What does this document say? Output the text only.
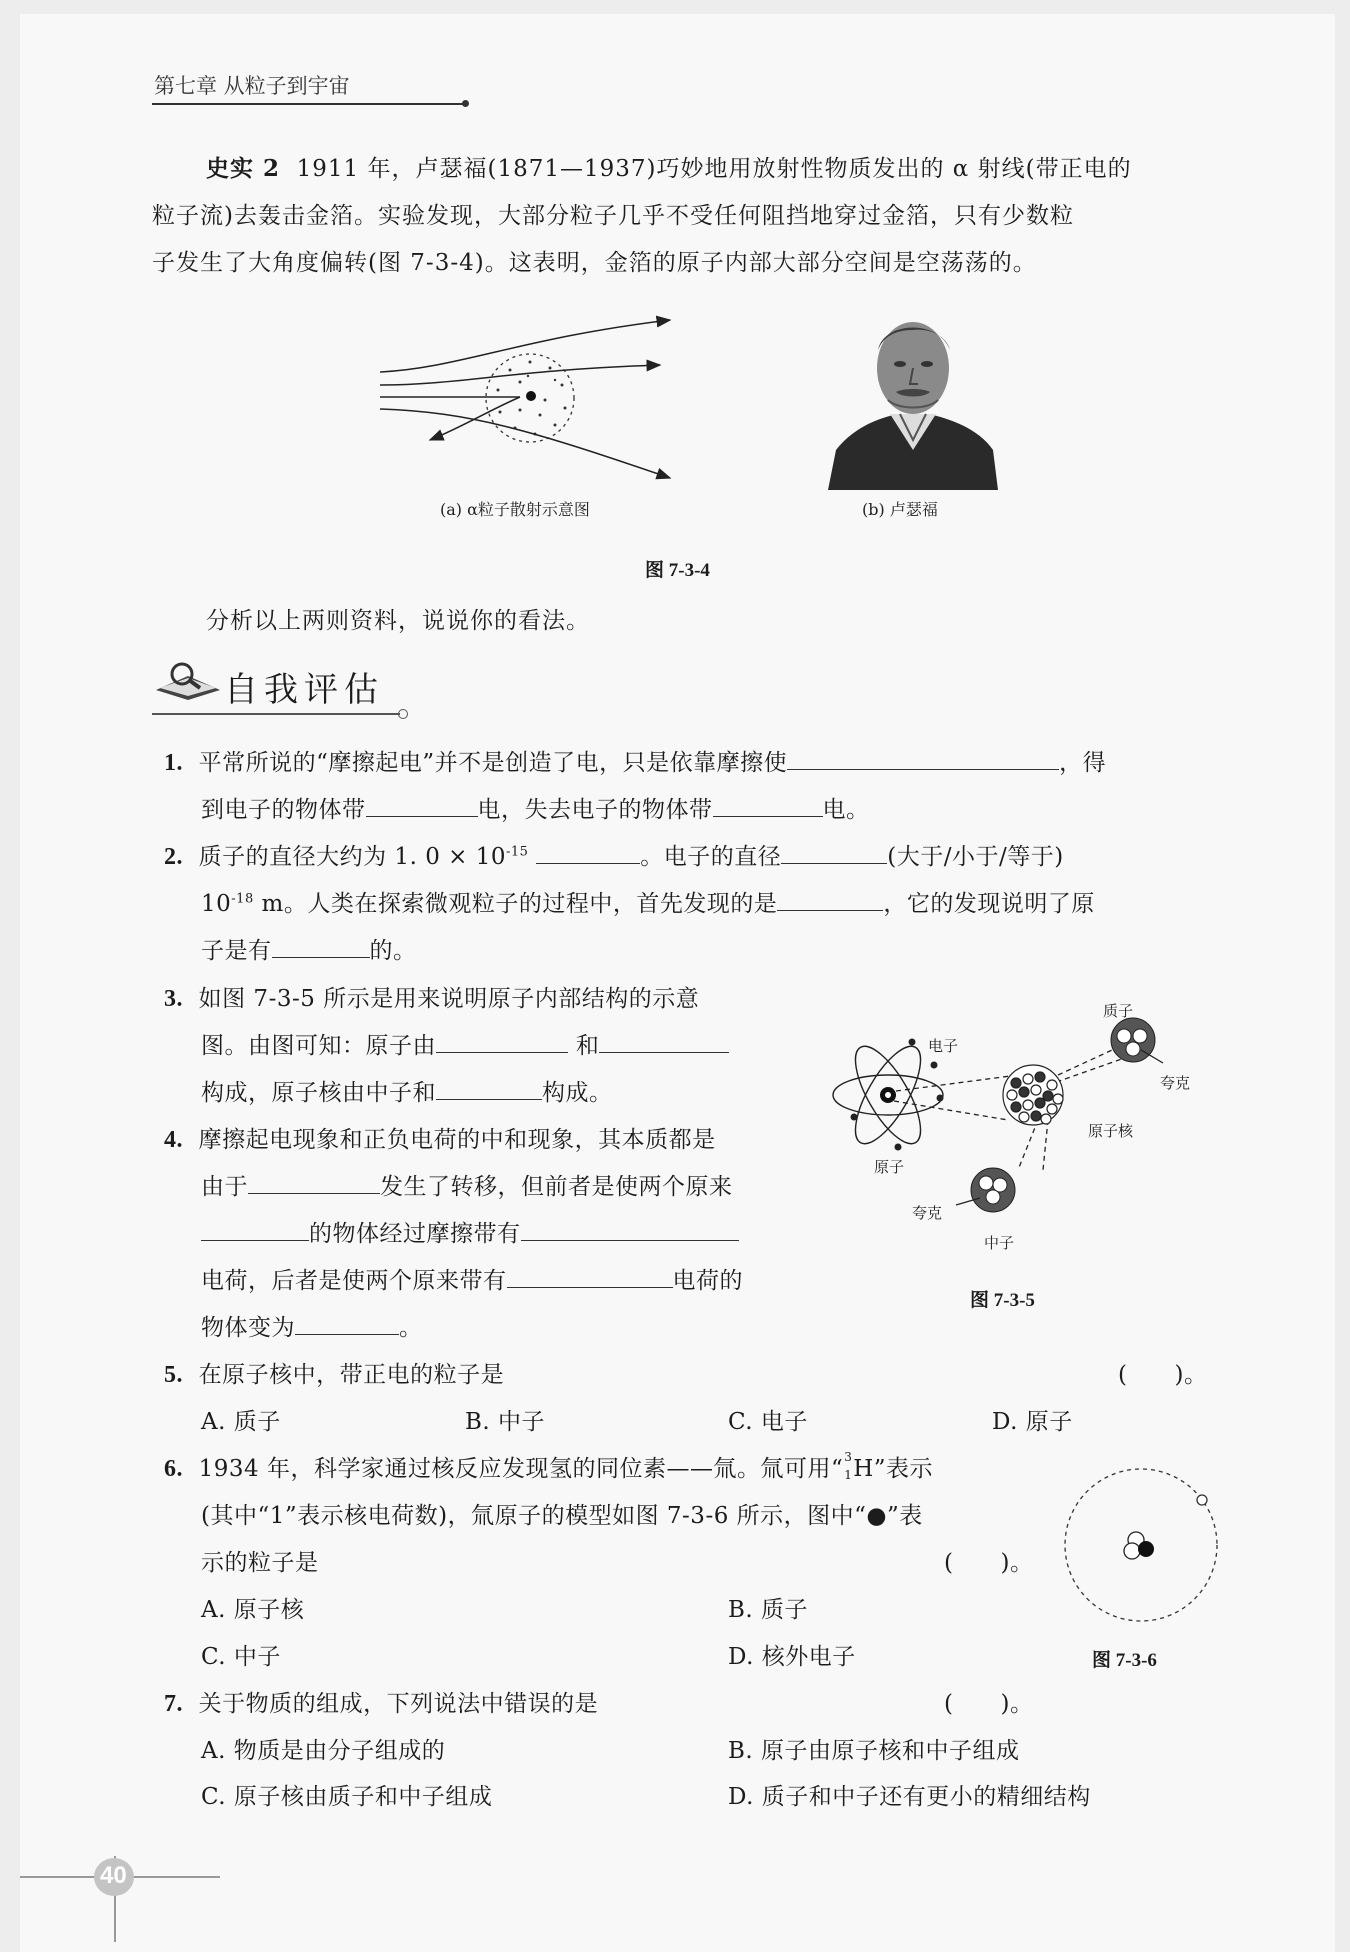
第七章 从粒子到宇宙
史实 2 1911 年，卢瑟福(1871—1937)巧妙地用放射性物质发出的 α 射线(带正电的
粒子流)去轰击金箔。实验发现，大部分粒子几乎不受任何阻挡地穿过金箔，只有少数粒
子发生了大角度偏转(图 7-3-4)。这表明，金箔的原子内部大部分空间是空荡荡的。
(a) α粒子散射示意图	(b) 卢瑟福
图 7-3-4
分析以上两则资料，说说你的看法。
自我评估
1. 平常所说的“摩擦起电”并不是创造了电，只是依靠摩擦使	，得
到电子的物体带	电，失去电子的物体带	电。
2. 质子的直径大约为 1. $0 \times 10^{-15}$	。电子的直径	(大于/小于/等于)
$10^{-18}$ m。人类在探索微观粒子的过程中，首先发现的是	，它的发现说明了原
子是有	的。
3. 如图 7-3-5 所示是用来说明原子内部结构的示意
图。由图可知：原子由	和
构成，原子核由中子和	构成。
4. 摩擦起电现象和正负电荷的中和现象，其本质都是
由于	发生了转移，但前者是使两个原来
的物体经过摩擦带有
电荷，后者是使两个原来带有	电荷的
物体变为	。
质子
电子
夸克
原子核
原子
夸克
中子
图 7-3-5
5. 在原子核中，带正电的粒子是	(　　)。
A. 质子	B. 中子	C. 电子	D. 原子
6. 1934 年，科学家通过核反应发现氢的同位素——氚。氚可用“ 3
1 H”表示
(其中“1”表示核电荷数)，氚原子的模型如图 7-3-6 所示，图中“●”表
示的粒子是	(　　)。
A. 原子核	B. 质子
C. 中子	D. 核外电子	图 7-3-6
7. 关于物质的组成，下列说法中错误的是	(　　)。
A. 物质是由分子组成的	B. 原子由原子核和中子组成
C. 原子核由质子和中子组成	D. 质子和中子还有更小的精细结构
40
